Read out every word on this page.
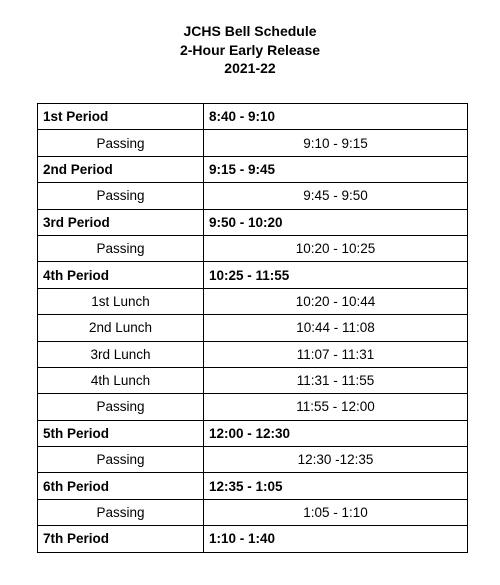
JCHS Bell Schedule
2-Hour Early Release
2021-22
1st Period	8:40 - 9:10
Passing	9:10 - 9:15
2nd Period	9:15 - 9:45
Passing	9:45 - 9:50
3rd Period	9:50 - 10:20
Passing	10:20 - 10:25
4th Period	10:25 - 11:55
1st Lunch	10:20 - 10:44
2nd Lunch	10:44 - 11:08
3rd Lunch	11:07 - 11:31
4th Lunch	11:31 - 11:55
Passing	11:55 - 12:00
5th Period	12:00 - 12:30
Passing	12:30 -12:35
6th Period	12:35 - 1:05
Passing	1:05 - 1:10
7th Period	1:10 - 1:40
